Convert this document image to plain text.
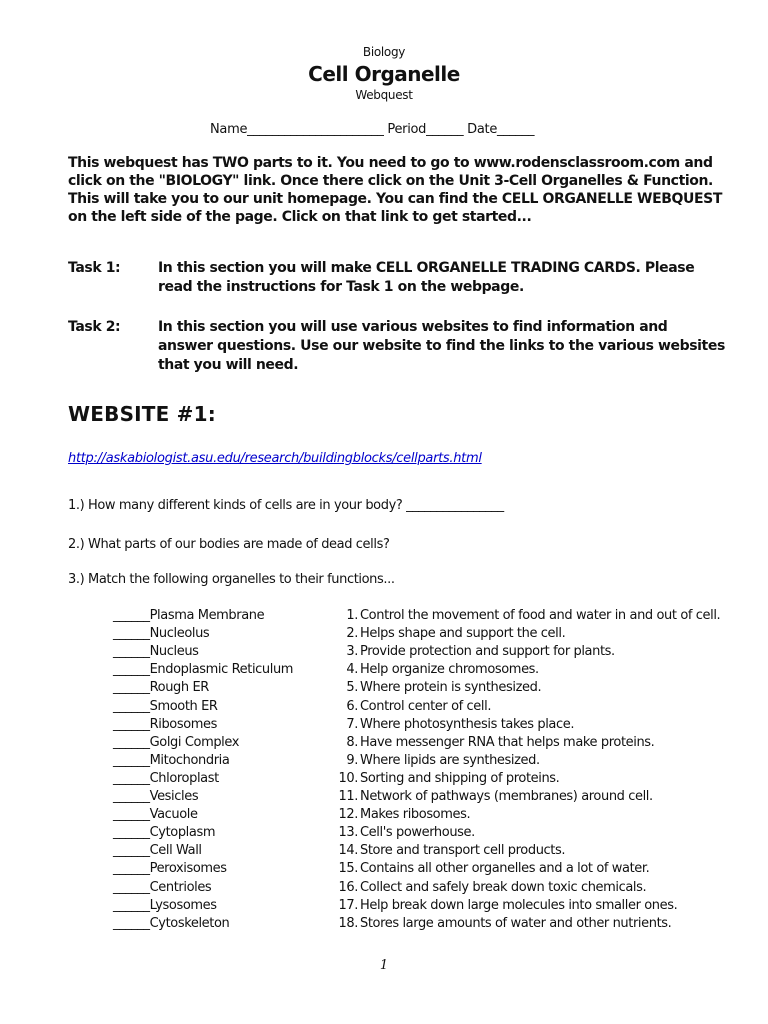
Biology
Cell Organelle
Webquest
Name______________________ Period______ Date______
This webquest has TWO parts to it. You need to go to www.rodensclassroom.com and click on the "BIOLOGY" link. Once there click on the Unit 3-Cell Organelles & Function. This will take you to our unit homepage. You can find the CELL ORGANELLE WEBQUEST on the left side of the page. Click on that link to get started...
Task 1:	In this section you will make CELL ORGANELLE TRADING CARDS. Please read the instructions for Task 1 on the webpage.
Task 2:	In this section you will use various websites to find information and answer questions. Use our website to find the links to the various websites that you will need.
WEBSITE #1:
http://askabiologist.asu.edu/research/buildingblocks/cellparts.html
1.) How many different kinds of cells are in your body? ________________
2.) What parts of our bodies are made of dead cells?
3.) Match the following organelles to their functions...
______Plasma Membrane
______Nucleolus
______Nucleus
______Endoplasmic Reticulum
______Rough ER
______Smooth ER
______Ribosomes
______Golgi Complex
______Mitochondria
______Chloroplast
______Vesicles
______Vacuole
______Cytoplasm
______Cell Wall
______Peroxisomes
______Centrioles
______Lysosomes
______Cytoskeleton
1. Control the movement of food and water in and out of cell.
2. Helps shape and support the cell.
3. Provide protection and support for plants.
4. Help organize chromosomes.
5. Where protein is synthesized.
6. Control center of cell.
7. Where photosynthesis takes place.
8. Have messenger RNA that helps make proteins.
9. Where lipids are synthesized.
10. Sorting and shipping of proteins.
11. Network of pathways (membranes) around cell.
12. Makes ribosomes.
13. Cell's powerhouse.
14. Store and transport cell products.
15. Contains all other organelles and a lot of water.
16. Collect and safely break down toxic chemicals.
17. Help break down large molecules into smaller ones.
18. Stores large amounts of water and other nutrients.
1
